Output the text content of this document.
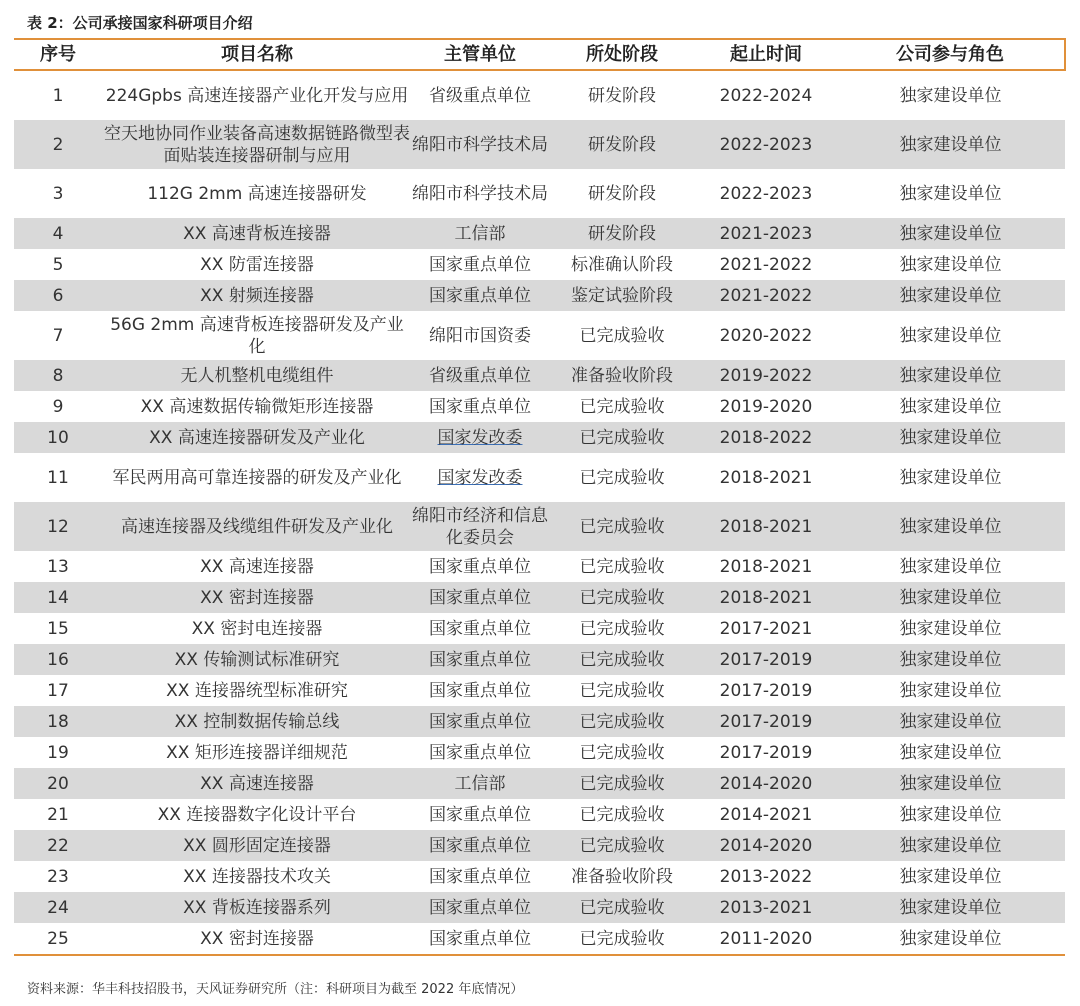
表 2：公司承接国家科研项目介绍
序号	项目名称	主管单位	所处阶段	起止时间	公司参与角色
1	224Gpbs 高速连接器产业化开发与应用	省级重点单位	研发阶段	2022-2024	独家建设单位
2	空天地协同作业装备高速数据链路微型表面贴装连接器研制与应用	绵阳市科学技术局	研发阶段	2022-2023	独家建设单位
3	112G 2mm 高速连接器研发	绵阳市科学技术局	研发阶段	2022-2023	独家建设单位
4	XX 高速背板连接器	工信部	研发阶段	2021-2023	独家建设单位
5	XX 防雷连接器	国家重点单位	标准确认阶段	2021-2022	独家建设单位
6	XX 射频连接器	国家重点单位	鉴定试验阶段	2021-2022	独家建设单位
7	56G 2mm 高速背板连接器研发及产业化	绵阳市国资委	已完成验收	2020-2022	独家建设单位
8	无人机整机电缆组件	省级重点单位	准备验收阶段	2019-2022	独家建设单位
9	XX 高速数据传输微矩形连接器	国家重点单位	已完成验收	2019-2020	独家建设单位
10	XX 高速连接器研发及产业化	国家发改委	已完成验收	2018-2022	独家建设单位
11	军民两用高可靠连接器的研发及产业化	国家发改委	已完成验收	2018-2021	独家建设单位
12	高速连接器及线缆组件研发及产业化	绵阳市经济和信息化委员会	已完成验收	2018-2021	独家建设单位
13	XX 高速连接器	国家重点单位	已完成验收	2018-2021	独家建设单位
14	XX 密封连接器	国家重点单位	已完成验收	2018-2021	独家建设单位
15	XX 密封电连接器	国家重点单位	已完成验收	2017-2021	独家建设单位
16	XX 传输测试标准研究	国家重点单位	已完成验收	2017-2019	独家建设单位
17	XX 连接器统型标准研究	国家重点单位	已完成验收	2017-2019	独家建设单位
18	XX 控制数据传输总线	国家重点单位	已完成验收	2017-2019	独家建设单位
19	XX 矩形连接器详细规范	国家重点单位	已完成验收	2017-2019	独家建设单位
20	XX 高速连接器	工信部	已完成验收	2014-2020	独家建设单位
21	XX 连接器数字化设计平台	国家重点单位	已完成验收	2014-2021	独家建设单位
22	XX 圆形固定连接器	国家重点单位	已完成验收	2014-2020	独家建设单位
23	XX 连接器技术攻关	国家重点单位	准备验收阶段	2013-2022	独家建设单位
24	XX 背板连接器系列	国家重点单位	已完成验收	2013-2021	独家建设单位
25	XX 密封连接器	国家重点单位	已完成验收	2011-2020	独家建设单位
资料来源：华丰科技招股书，天风证券研究所（注：科研项目为截至 2022 年底情况）
